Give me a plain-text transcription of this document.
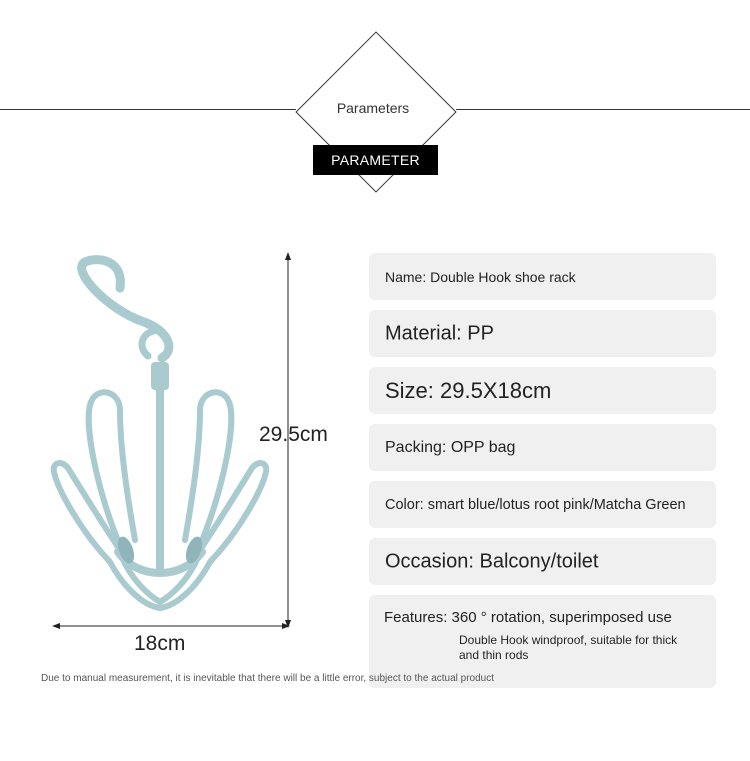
Parameters
PARAMETER
29.5cm
18cm
Name: Double Hook shoe rack
Material: PP
Size: 29.5X18cm
Packing: OPP bag
Color: smart blue/lotus root pink/Matcha Green
Occasion: Balcony/toilet
Features: 360 ° rotation, superimposed use
Double Hook windproof, suitable for thick and thin rods
Due to manual measurement, it is inevitable that there will be a little error, subject to the actual product
